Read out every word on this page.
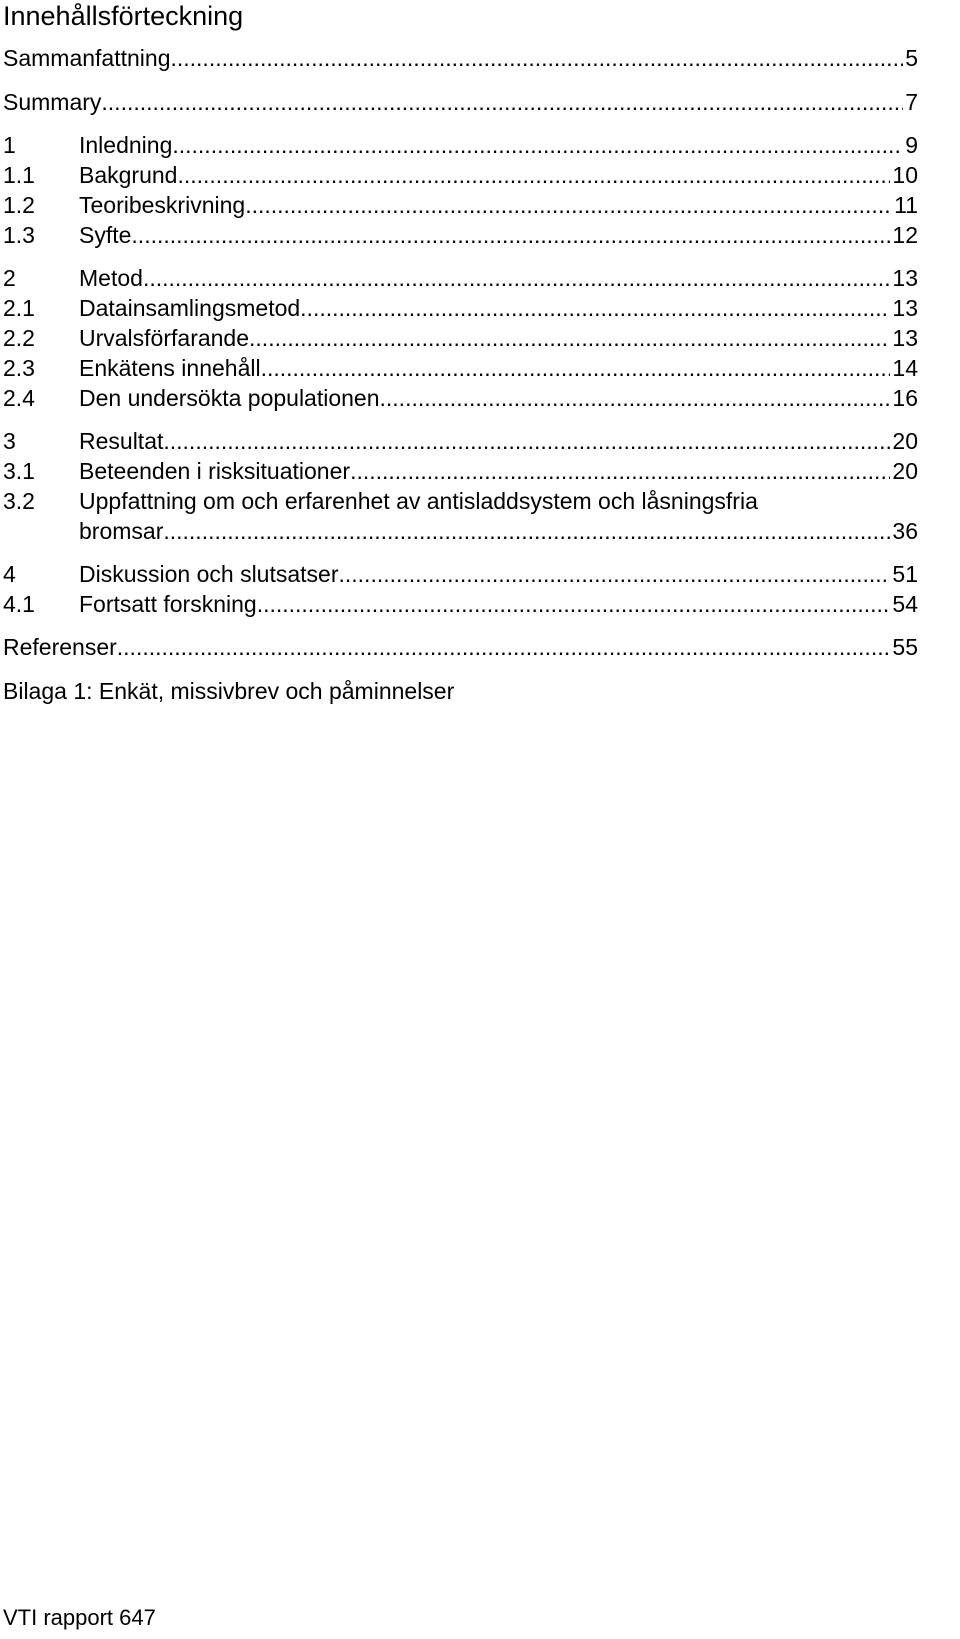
Innehållsförteckning
Sammanfattning .....	5
Summary .....	7
1	Inledning .....	9
1.1	Bakgrund .....	10
1.2	Teoribeskrivning .....	11
1.3	Syfte .....	12
2	Metod .....	13
2.1	Datainsamlingsmetod .....	13
2.2	Urvalsförfarande .....	13
2.3	Enkätens innehåll .....	14
2.4	Den undersökta populationen .....	16
3	Resultat .....	20
3.1	Beteenden i risksituationer .....	20
3.2	Uppfattning om och erfarenhet av antisladdsystem och låsningsfria
bromsar .....	36
4	Diskussion och slutsatser .....	51
4.1	Fortsatt forskning .....	54
Referenser .....	55
Bilaga 1: Enkät, missivbrev och påminnelser
VTI rapport 647
